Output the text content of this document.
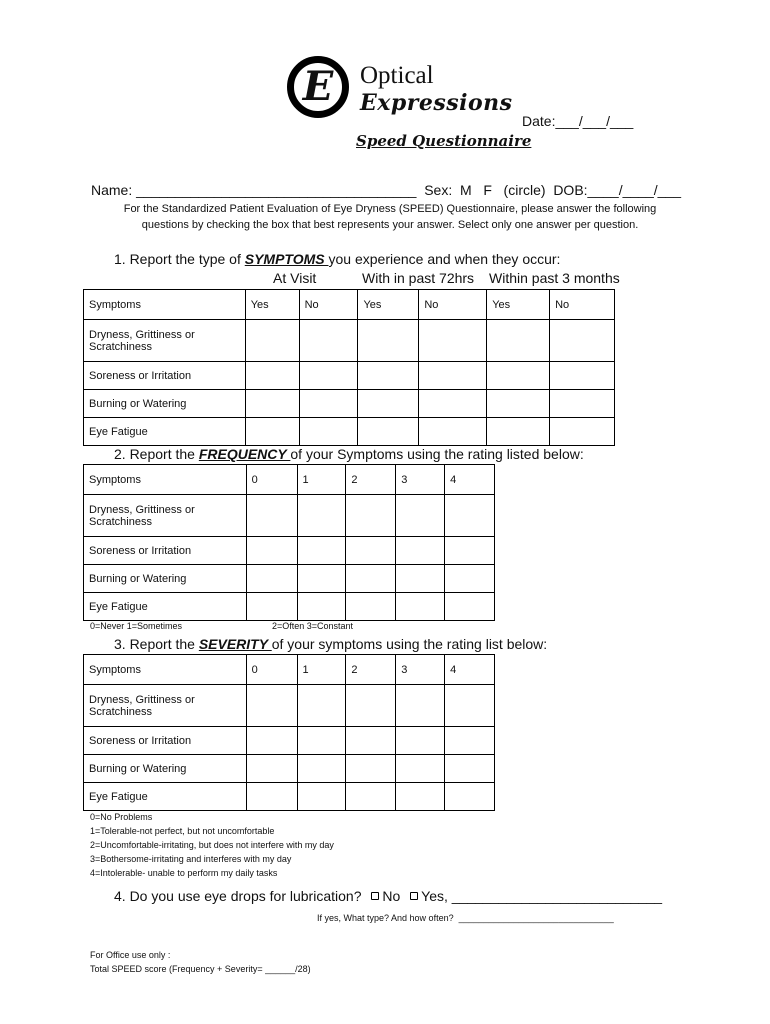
E Optical
Expressions
Speed Questionnaire
Date:___/___/___
Name: ____________________________________  Sex:  M   F   (circle)  DOB:____/____/___
For the Standardized Patient Evaluation of Eye Dryness (SPEED) Questionnaire, please answer the following
questions by checking the box that best represents your answer. Select only one answer per question.
1. Report the type of SYMPTOMS you experience and when they occur:
At Visit	With in past 72hrs Within past 3 months
Symptoms	Yes	No	Yes	No	Yes	No
Dryness, Grittiness or
Scratchiness						
Soreness or Irritation						
Burning or Watering						
Eye Fatigue						
2. Report the FREQUENCY of your Symptoms using the rating listed below:
Symptoms	0	1	2	3	4
Dryness, Grittiness or
Scratchiness					
Soreness or Irritation					
Burning or Watering					
Eye Fatigue					
0=Never 1=Sometimes	2=Often 3=Constant
3. Report the SEVERITY of your symptoms using the rating list below:
Symptoms	0	1	2	3	4
Dryness, Grittiness or
Scratchiness					
Soreness or Irritation					
Burning or Watering					
Eye Fatigue					
0=No Problems
1=Tolerable-not perfect, but not uncomfortable
2=Uncomfortable-irritating, but does not interfere with my day
3=Bothersome-irritating and interferes with my day
4=Intolerable- unable to perform my daily tasks
4. Do you use eye drops for lubrication? No Yes, ___________________________
If yes, What type? And how often?  _______________________________
For Office use only :
Total SPEED score (Frequency + Severity= ______/28)
